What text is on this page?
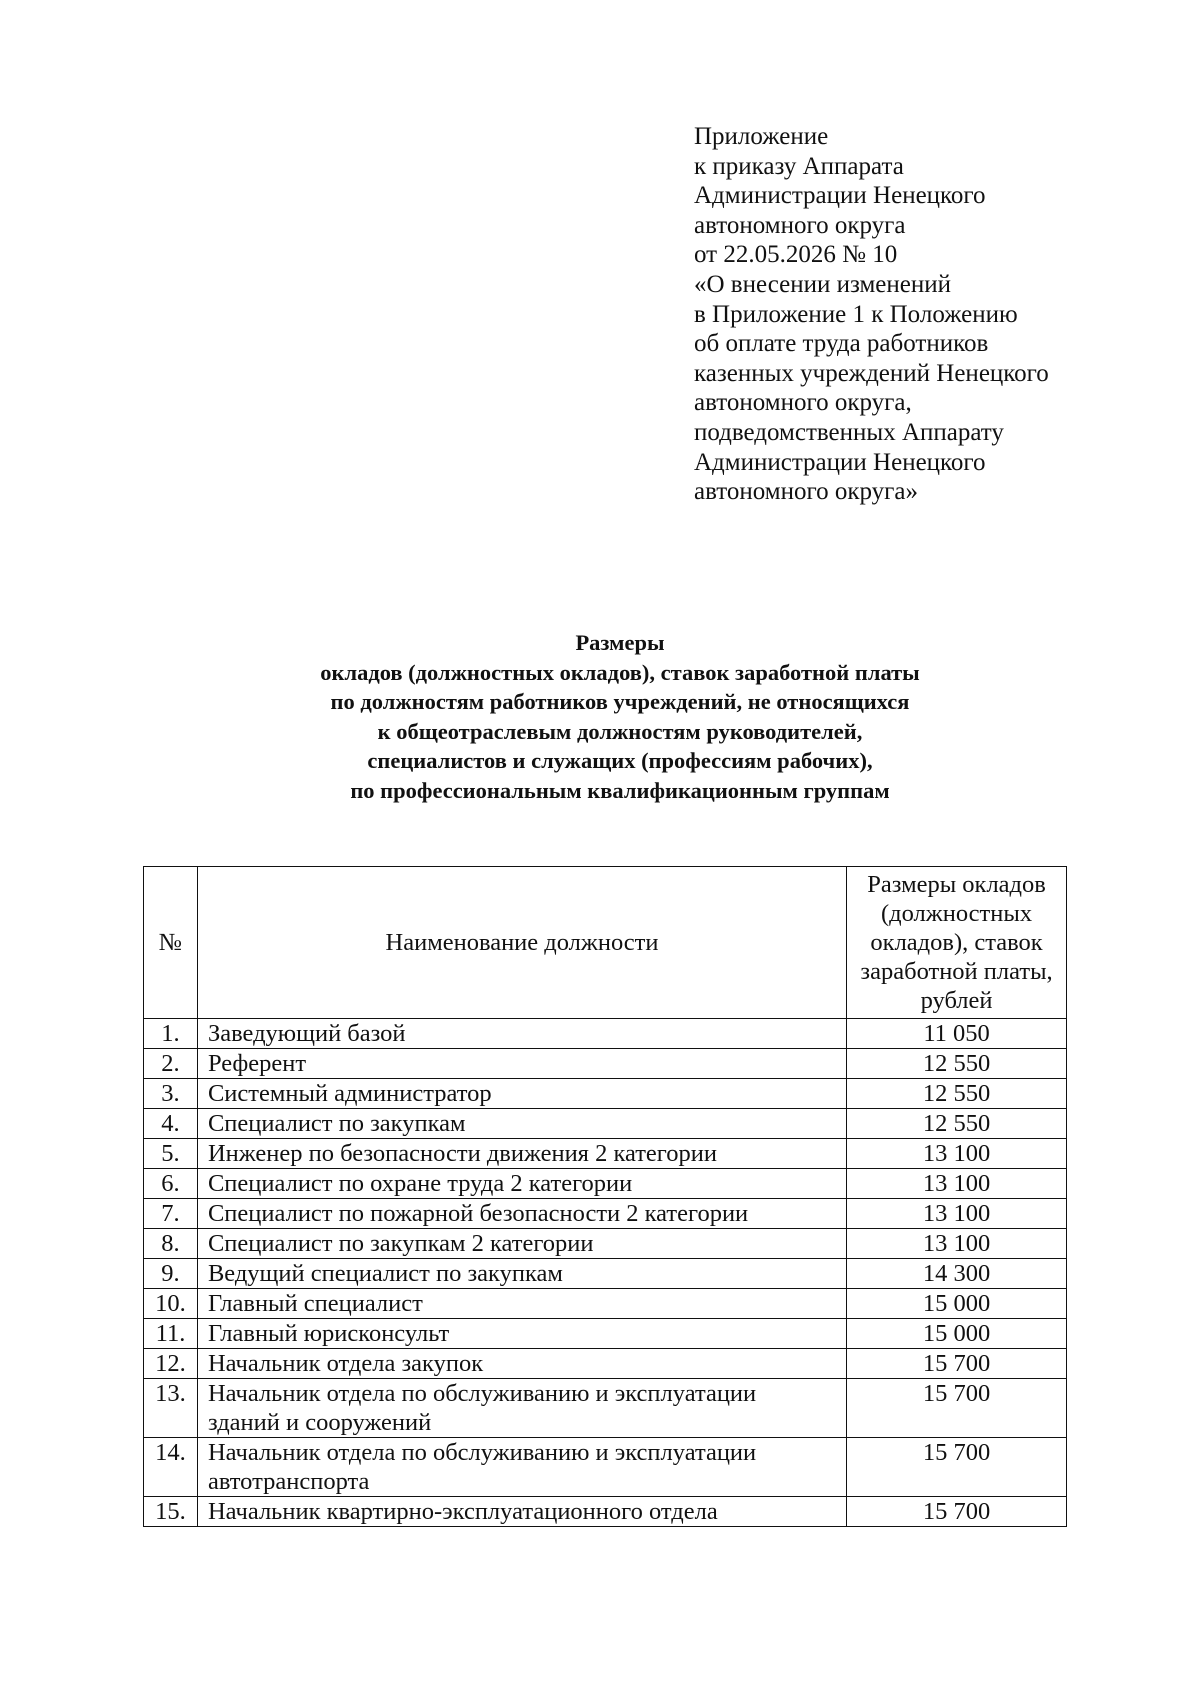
Приложение
к приказу Аппарата
Администрации Ненецкого
автономного округа
от 22.05.2026 № 10
«О внесении изменений
в Приложение 1 к Положению
об оплате труда работников
казенных учреждений Ненецкого
автономного округа,
подведомственных Аппарату
Администрации Ненецкого
автономного округа»
Размеры
окладов (должностных окладов), ставок заработной платы
по должностям работников учреждений, не относящихся
к общеотраслевым должностям руководителей,
специалистов и служащих (профессиям рабочих),
по профессиональным квалификационным группам
№	Наименование должности	Размеры окладов
(должностных
окладов), ставок
заработной платы,
рублей

1.	Заведующий базой	11 050
2.	Референт	12 550
3.	Системный администратор	12 550
4.	Специалист по закупкам	12 550
5.	Инженер по безопасности движения 2 категории	13 100
6.	Специалист по охране труда 2 категории	13 100
7.	Специалист по пожарной безопасности 2 категории	13 100
8.	Специалист по закупкам 2 категории	13 100
9.	Ведущий специалист по закупкам	14 300
10.	Главный специалист	15 000
11.	Главный юрисконсульт	15 000
12.	Начальник отдела закупок	15 700
13.	Начальник отдела по обслуживанию и эксплуатации
зданий и сооружений	15 700
14.	Начальник отдела по обслуживанию и эксплуатации
автотранспорта	15 700
15.	Начальник квартирно-эксплуатационного отдела	15 700
